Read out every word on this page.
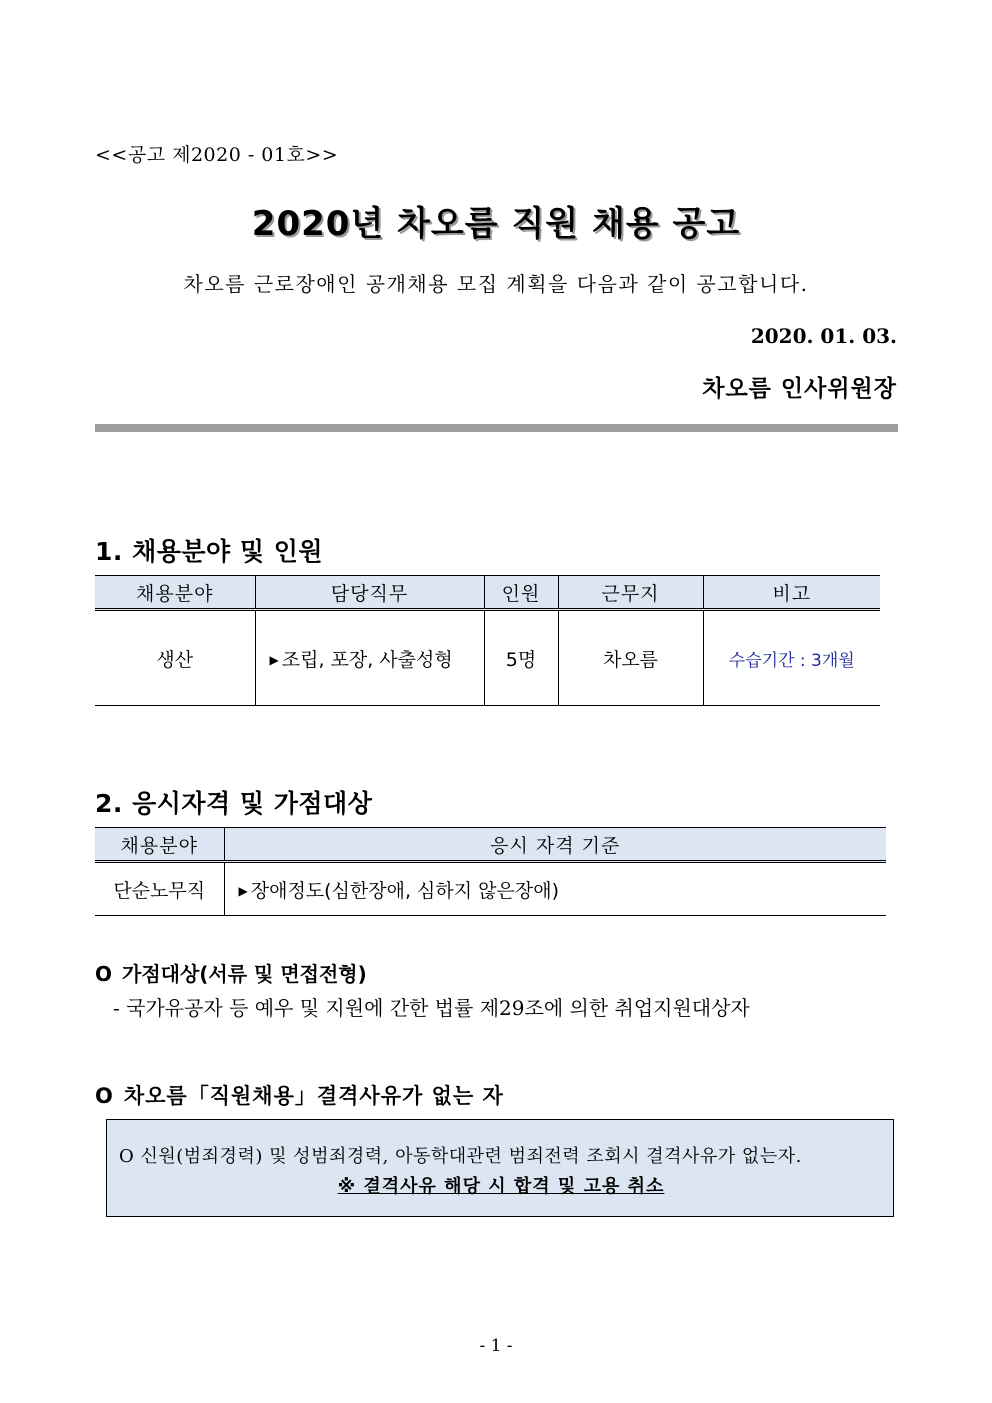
<<공고 제2020 - 01호>>
2020년 차오름 직원 채용 공고
차오름 근로장애인 공개채용 모집 계획을 다음과 같이 공고합니다.
2020. 01. 03.
차오름 인사위원장
1. 채용분야 및 인원
채용분야	담당직무	인원	근무지	비고
생산	▶ 조립, 포장, 사출성형	5명	차오름	수습기간 : 3개월
2. 응시자격 및 가점대상
채용분야	응시 자격 기준
단순노무직	▶ 장애정도(심한장애, 심하지 않은장애)
O 가점대상(서류 및 면접전형)
- 국가유공자 등 예우 및 지원에 간한 법률 제29조에 의한 취업지원대상자
O 차오름「직원채용」결격사유가 없는 자
O 신원(범죄경력) 및 성범죄경력, 아동학대관련 범죄전력 조회시 결격사유가 없는자.
※ 결격사유 해당 시 합격 및 고용 취소
- 1 -
